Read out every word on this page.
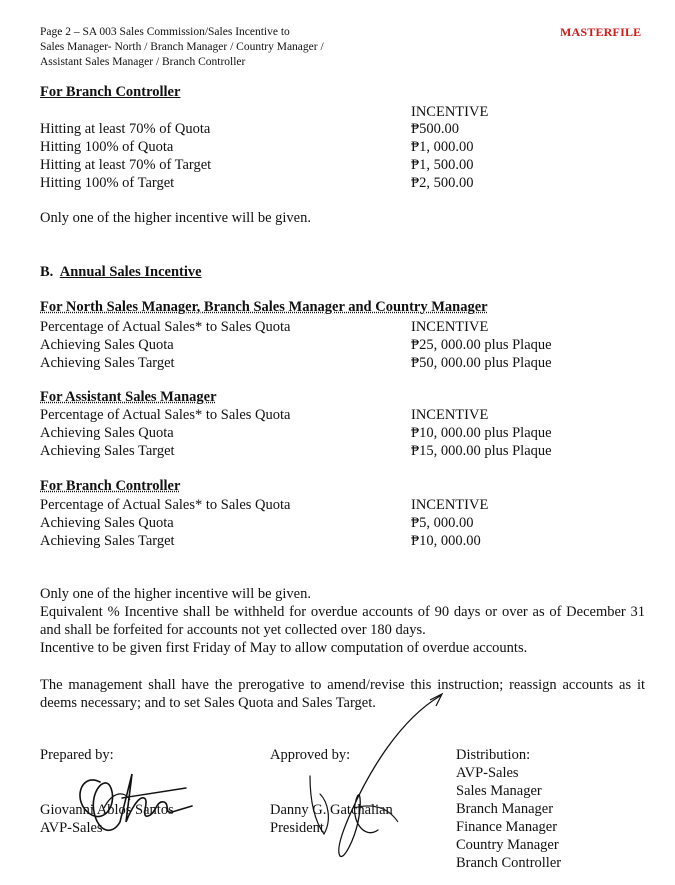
Page 2 – SA 003 Sales Commission/Sales Incentive to
Sales Manager- North / Branch Manager / Country Manager /
Assistant Sales Manager / Branch Controller
MASTERFILE
For Branch Controller
INCENTIVE
Hitting at least 70% of Quota	₱500.00
Hitting 100% of Quota	₱1, 000.00
Hitting at least 70% of Target	₱1, 500.00
Hitting 100% of Target	₱2, 500.00
Only one of the higher incentive will be given.
B. Annual Sales Incentive
For North Sales Manager, Branch Sales Manager and Country Manager
Percentage of Actual Sales* to Sales Quota	INCENTIVE
Achieving Sales Quota	₱25, 000.00 plus Plaque
Achieving Sales Target	₱50, 000.00 plus Plaque
For Assistant Sales Manager
Percentage of Actual Sales* to Sales Quota	INCENTIVE
Achieving Sales Quota	₱10, 000.00 plus Plaque
Achieving Sales Target	₱15, 000.00 plus Plaque
For Branch Controller
Percentage of Actual Sales* to Sales Quota	INCENTIVE
Achieving Sales Quota	₱5, 000.00
Achieving Sales Target	₱10, 000.00
Only one of the higher incentive will be given.
Equivalent % Incentive shall be withheld for overdue accounts of 90 days or over as of December 31 and shall be forfeited for accounts not yet collected over 180 days.
Incentive to be given first Friday of May to allow computation of overdue accounts.
The management shall have the prerogative to amend/revise this instruction; reassign accounts as it deems necessary; and to set Sales Quota and Sales Target.
Prepared by:
Giovanni Ablos Santos
AVP-Sales
Approved by:
Danny G. Gatchalian
President
Distribution:
AVP-Sales
Sales Manager
Branch Manager
Finance Manager
Country Manager
Branch Controller
